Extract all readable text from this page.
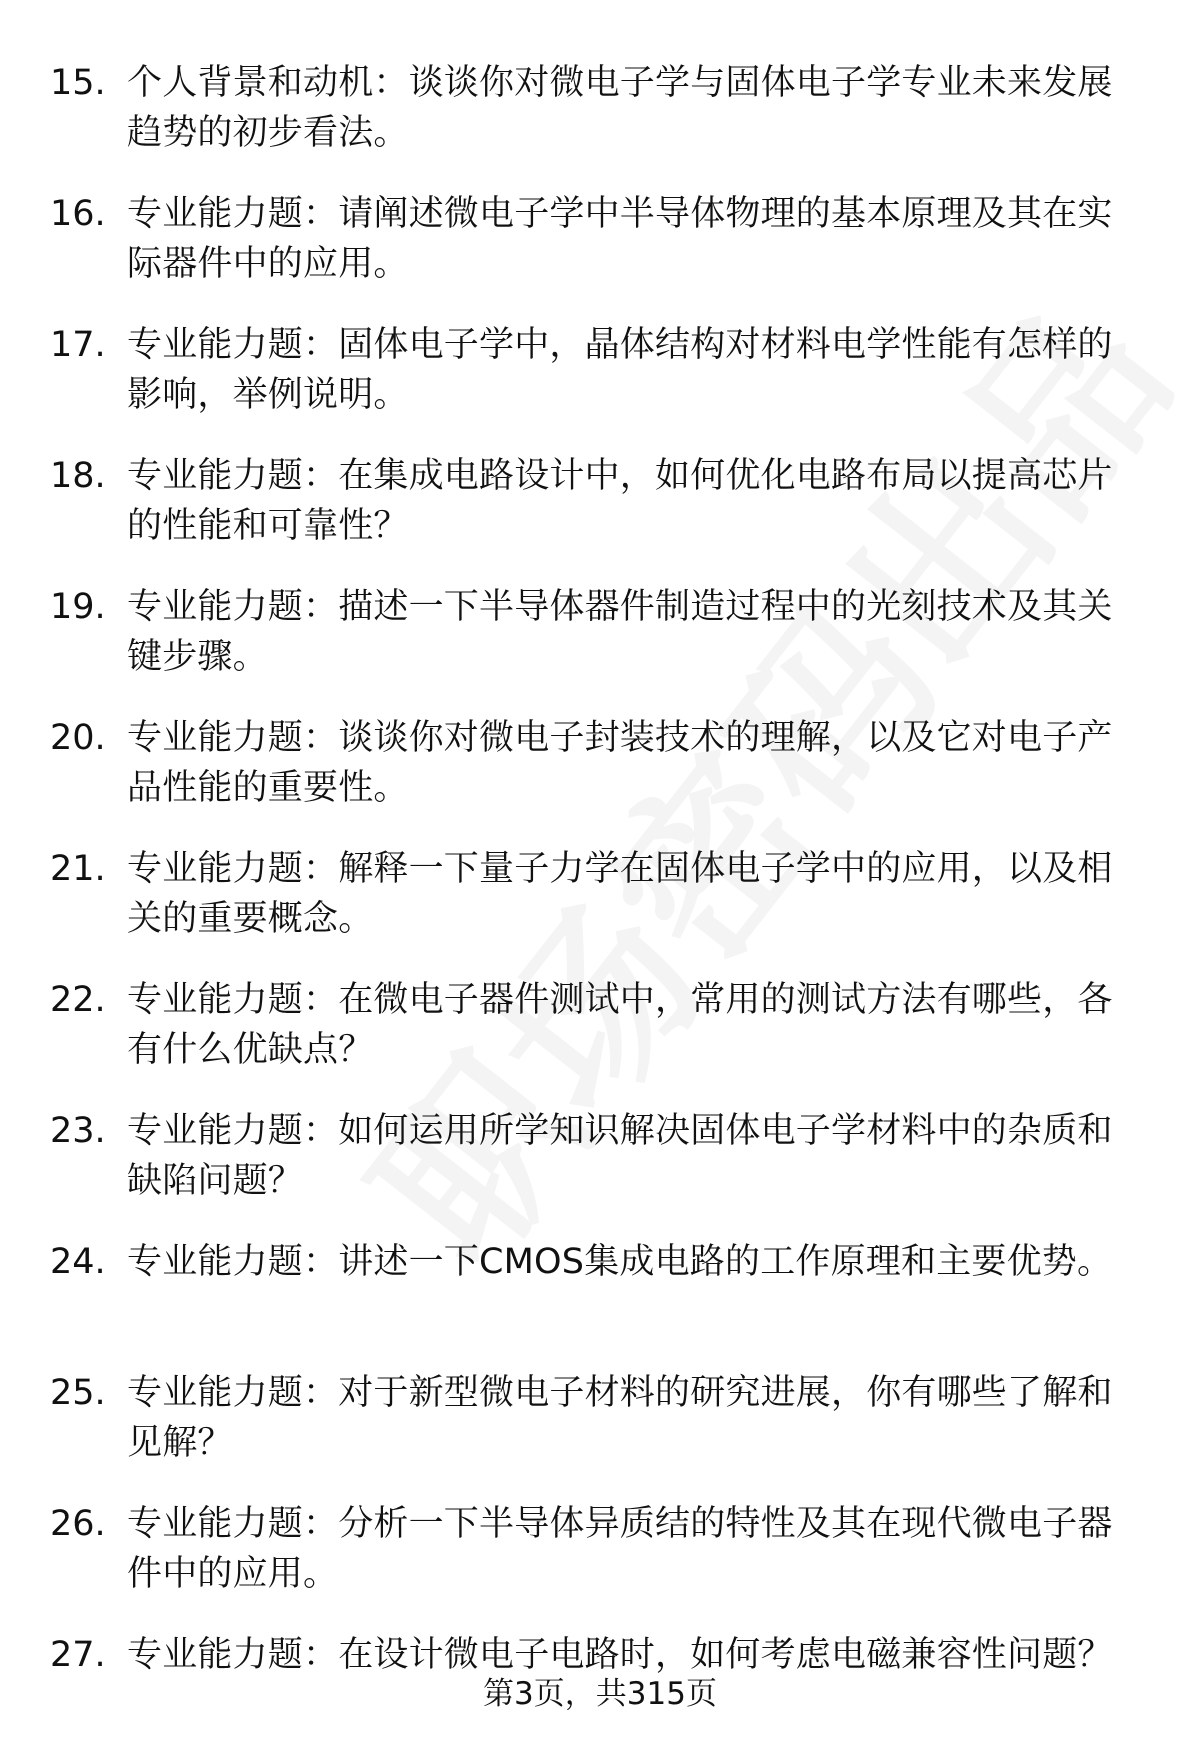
15. 个人背景和动机：谈谈你对微电子学与固体电子学专业未来发展趋势的初步看法。
16. 专业能力题：请阐述微电子学中半导体物理的基本原理及其在实际器件中的应用。
17. 专业能力题：固体电子学中，晶体结构对材料电学性能有怎样的影响，举例说明。
18. 专业能力题：在集成电路设计中，如何优化电路布局以提高芯片的性能和可靠性？
19. 专业能力题：描述一下半导体器件制造过程中的光刻技术及其关键步骤。
20. 专业能力题：谈谈你对微电子封装技术的理解，以及它对电子产品性能的重要性。
21. 专业能力题：解释一下量子力学在固体电子学中的应用，以及相关的重要概念。
22. 专业能力题：在微电子器件测试中，常用的测试方法有哪些，各有什么优缺点？
23. 专业能力题：如何运用所学知识解决固体电子学材料中的杂质和缺陷问题？
24. 专业能力题：讲述一下CMOS集成电路的工作原理和主要优势。
25. 专业能力题：对于新型微电子材料的研究进展，你有哪些了解和见解？
26. 专业能力题：分析一下半导体异质结的特性及其在现代微电子器件中的应用。
27. 专业能力题：在设计微电子电路时，如何考虑电磁兼容性问题？
第3页，共315页
